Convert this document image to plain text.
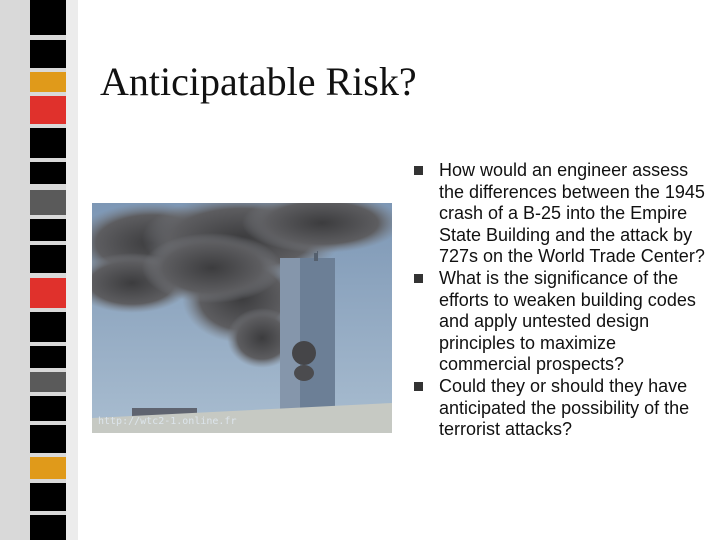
Anticipatable Risk?
http://wtc2-1.online.fr
How would an engineer assess the differences between the 1945 crash of a B-25 into the Empire State Building and the attack by 727s on the World Trade Center?
What is the significance of the efforts to weaken building codes and apply untested design principles to maximize commercial prospects?
Could they or should they have anticipated the possibility of the terrorist attacks?
